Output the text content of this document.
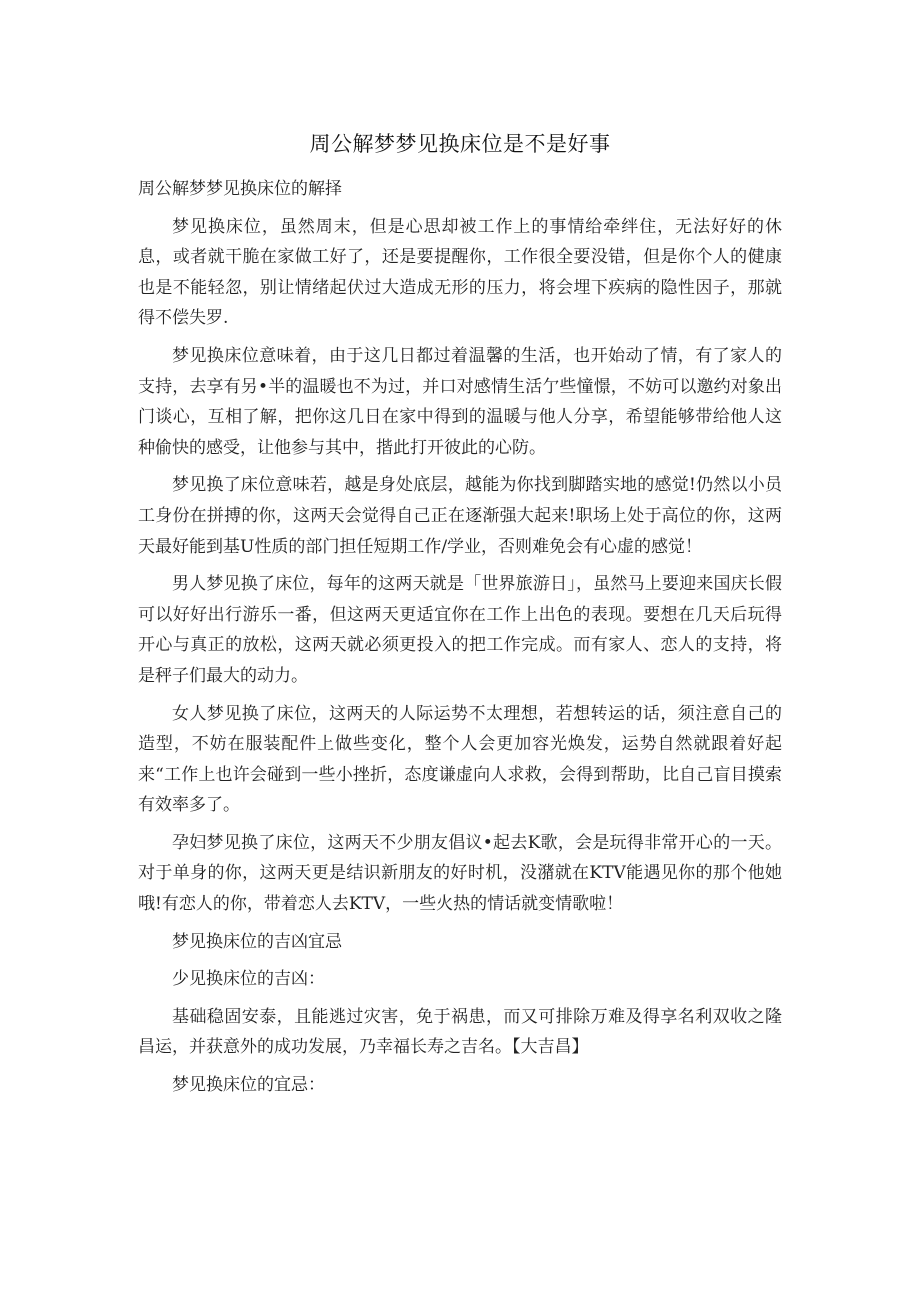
周公解梦梦见换床位是不是好事

周公解梦梦见换床位的解择

梦见换床位，虽然周末，但是心思却被工作上的事情给牵绊住，无法好好的休息，或者就干脆在家做工好了，还是要提醒你，工作很全要没错，但是你个人的健康也是不能轻忽，别让情绪起伏过大造成无形的压力，将会埋下疾病的隐性因子，那就得不偿失罗.

梦见换床位意味着，由于这几日都过着温馨的生活，也开始动了情，有了家人的支持，去享有另•半的温暖也不为过，并口对感情生活亇些憧憬，不妨可以邀约对象出门谈心，互相了解，把你这几日在家中得到的温暖与他人分享，希望能够带给他人这种偷快的感受，让他参与其中，揩此打开彼此的心防。

梦见换了床位意味若，越是身处底层，越能为你找到脚踏实地的感觉!仍然以小员工身份在拼搏的你，这两天会觉得自己正在逐渐强大起来!职场上处于高位的你，这两天最好能到基U性质的部门担任短期工作/学业，否则难免会有心虚的感觉！

男人梦见换了床位，每年的这两天就是「世界旅游日」，虽然马上要迎来国庆长假可以好好出行游乐一番，但这两天更适宜你在工作上出色的表现。要想在几天后玩得开心与真正的放松，这两天就必须更投入的把工作完成。而有家人、恋人的支持，将是秤子们最大的动力。

女人梦见换了床位，这两天的人际运势不太理想，若想转运的话，须注意自己的造型，不妨在服装配件上做些变化，整个人会更加容光焕发，运势自然就跟着好起来“工作上也许会碰到一些小挫折，态度谦虚向人求救，会得到帮助，比自己盲目摸索有效率多了。

孕妇梦见换了床位，这两天不少朋友倡议•起去K歌，会是玩得非常开心的一天。对于单身的你，这两天更是结识新朋友的好时机，没潴就在KTV能遇见你的那个他她哦!有恋人的你，带着恋人去KTV，一些火热的情话就变情歌啦！

梦见换床位的吉凶宜忌

少见换床位的吉凶：

基础稳固安泰，且能逃过灾害，免于祸患，而又可排除万难及得享名利双收之隆昌运，并获意外的成功发展，乃幸福长寿之吉名。【大吉昌】

梦见换床位的宜忌：
